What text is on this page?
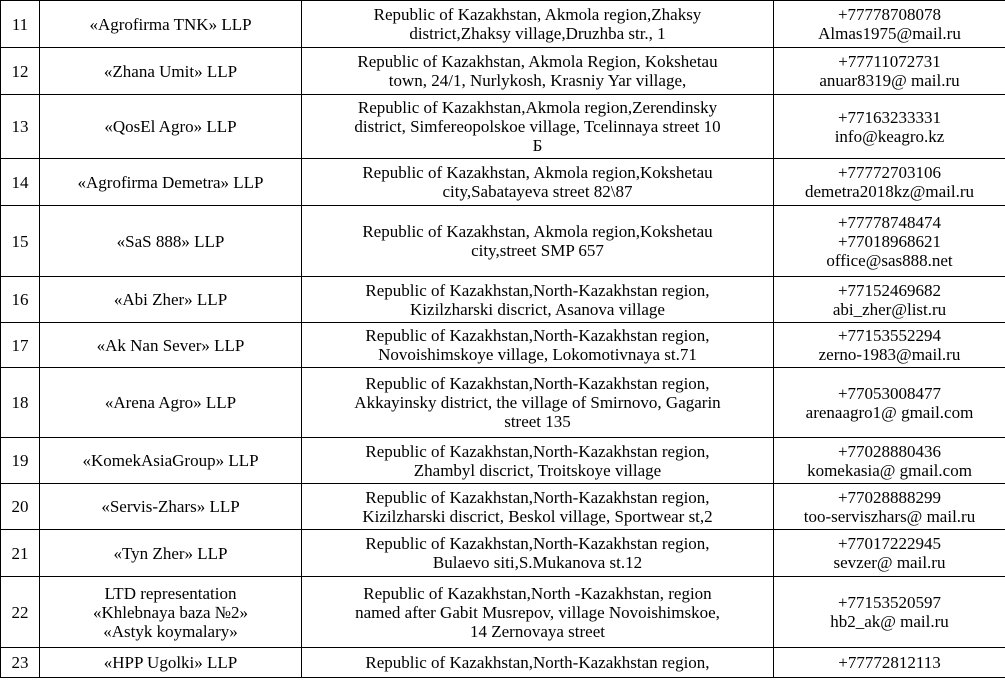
11	«Agrofirma TNK» LLP	Republic of Kazakhstan, Akmola region,Zhaksy
district,Zhaksy village,Druzhba str., 1	+77778708078
Almas1975@mail.ru

12	«Zhana Umit» LLP	Republic of Kazakhstan, Akmola Region, Kokshetau
town, 24/1, Nurlykosh, Krasniy Yar village,	+77711072731
anuar8319@ mail.ru

13	«QosEl Agro» LLP	Republic of Kazakhstan,Akmola region,Zerendinsky
district, Simfereopolskoe village, Tcelinnaya street 10
Б	+77163233331
info@keagro.kz

14	«Agrofirma Demetra» LLP	Republic of Kazakhstan, Akmola region,Kokshetau
city,Sabatayeva street 82\87	+77772703106
demetra2018kz@mail.ru

15	«SaS 888» LLP	Republic of Kazakhstan, Akmola region,Kokshetau
city,street SMP 657	+77778748474
+77018968621
office@sas888.net

16	«Abi Zher» LLP	Republic of Kazakhstan,North-Kazakhstan region,
Kizilzharski discrict, Asanova village	+77152469682
abi_zher@list.ru

17	«Ak Nan Sever» LLP	Republic of Kazakhstan,North-Kazakhstan region,
Novoishimskoye village, Lokomotivnaya st.71	+77153552294
zerno-1983@mail.ru

18	«Arena Agro» LLP	Republic of Kazakhstan,North-Kazakhstan region,
Akkayinsky district, the village of Smirnovo, Gagarin
street 135	+77053008477
arenaagro1@ gmail.com

19	«KomekAsiaGroup» LLP	Republic of Kazakhstan,North-Kazakhstan region,
Zhambyl discrict, Troitskoye village	+77028880436
komekasia@ gmail.com

20	«Servis-Zhars» LLP	Republic of Kazakhstan,North-Kazakhstan region,
Kizilzharski discrict, Beskol village, Sportwear st,2	+77028888299
too-serviszhars@ mail.ru

21	«Tyn Zher» LLP	Republic of Kazakhstan,North-Kazakhstan region,
Bulaevo siti,S.Mukanova st.12	+77017222945
sevzer@ mail.ru

22	LTD representation
«Khlebnaya baza №2»
«Astyk koymalary»	Republic of Kazakhstan,North -Kazakhstan, region
named after Gabit Musrepov, village Novoishimskoe,
14 Zernovaya street	+77153520597
hb2_ak@ mail.ru

23	«HPP Ugolki» LLP	Republic of Kazakhstan,North-Kazakhstan region,	+77772812113
